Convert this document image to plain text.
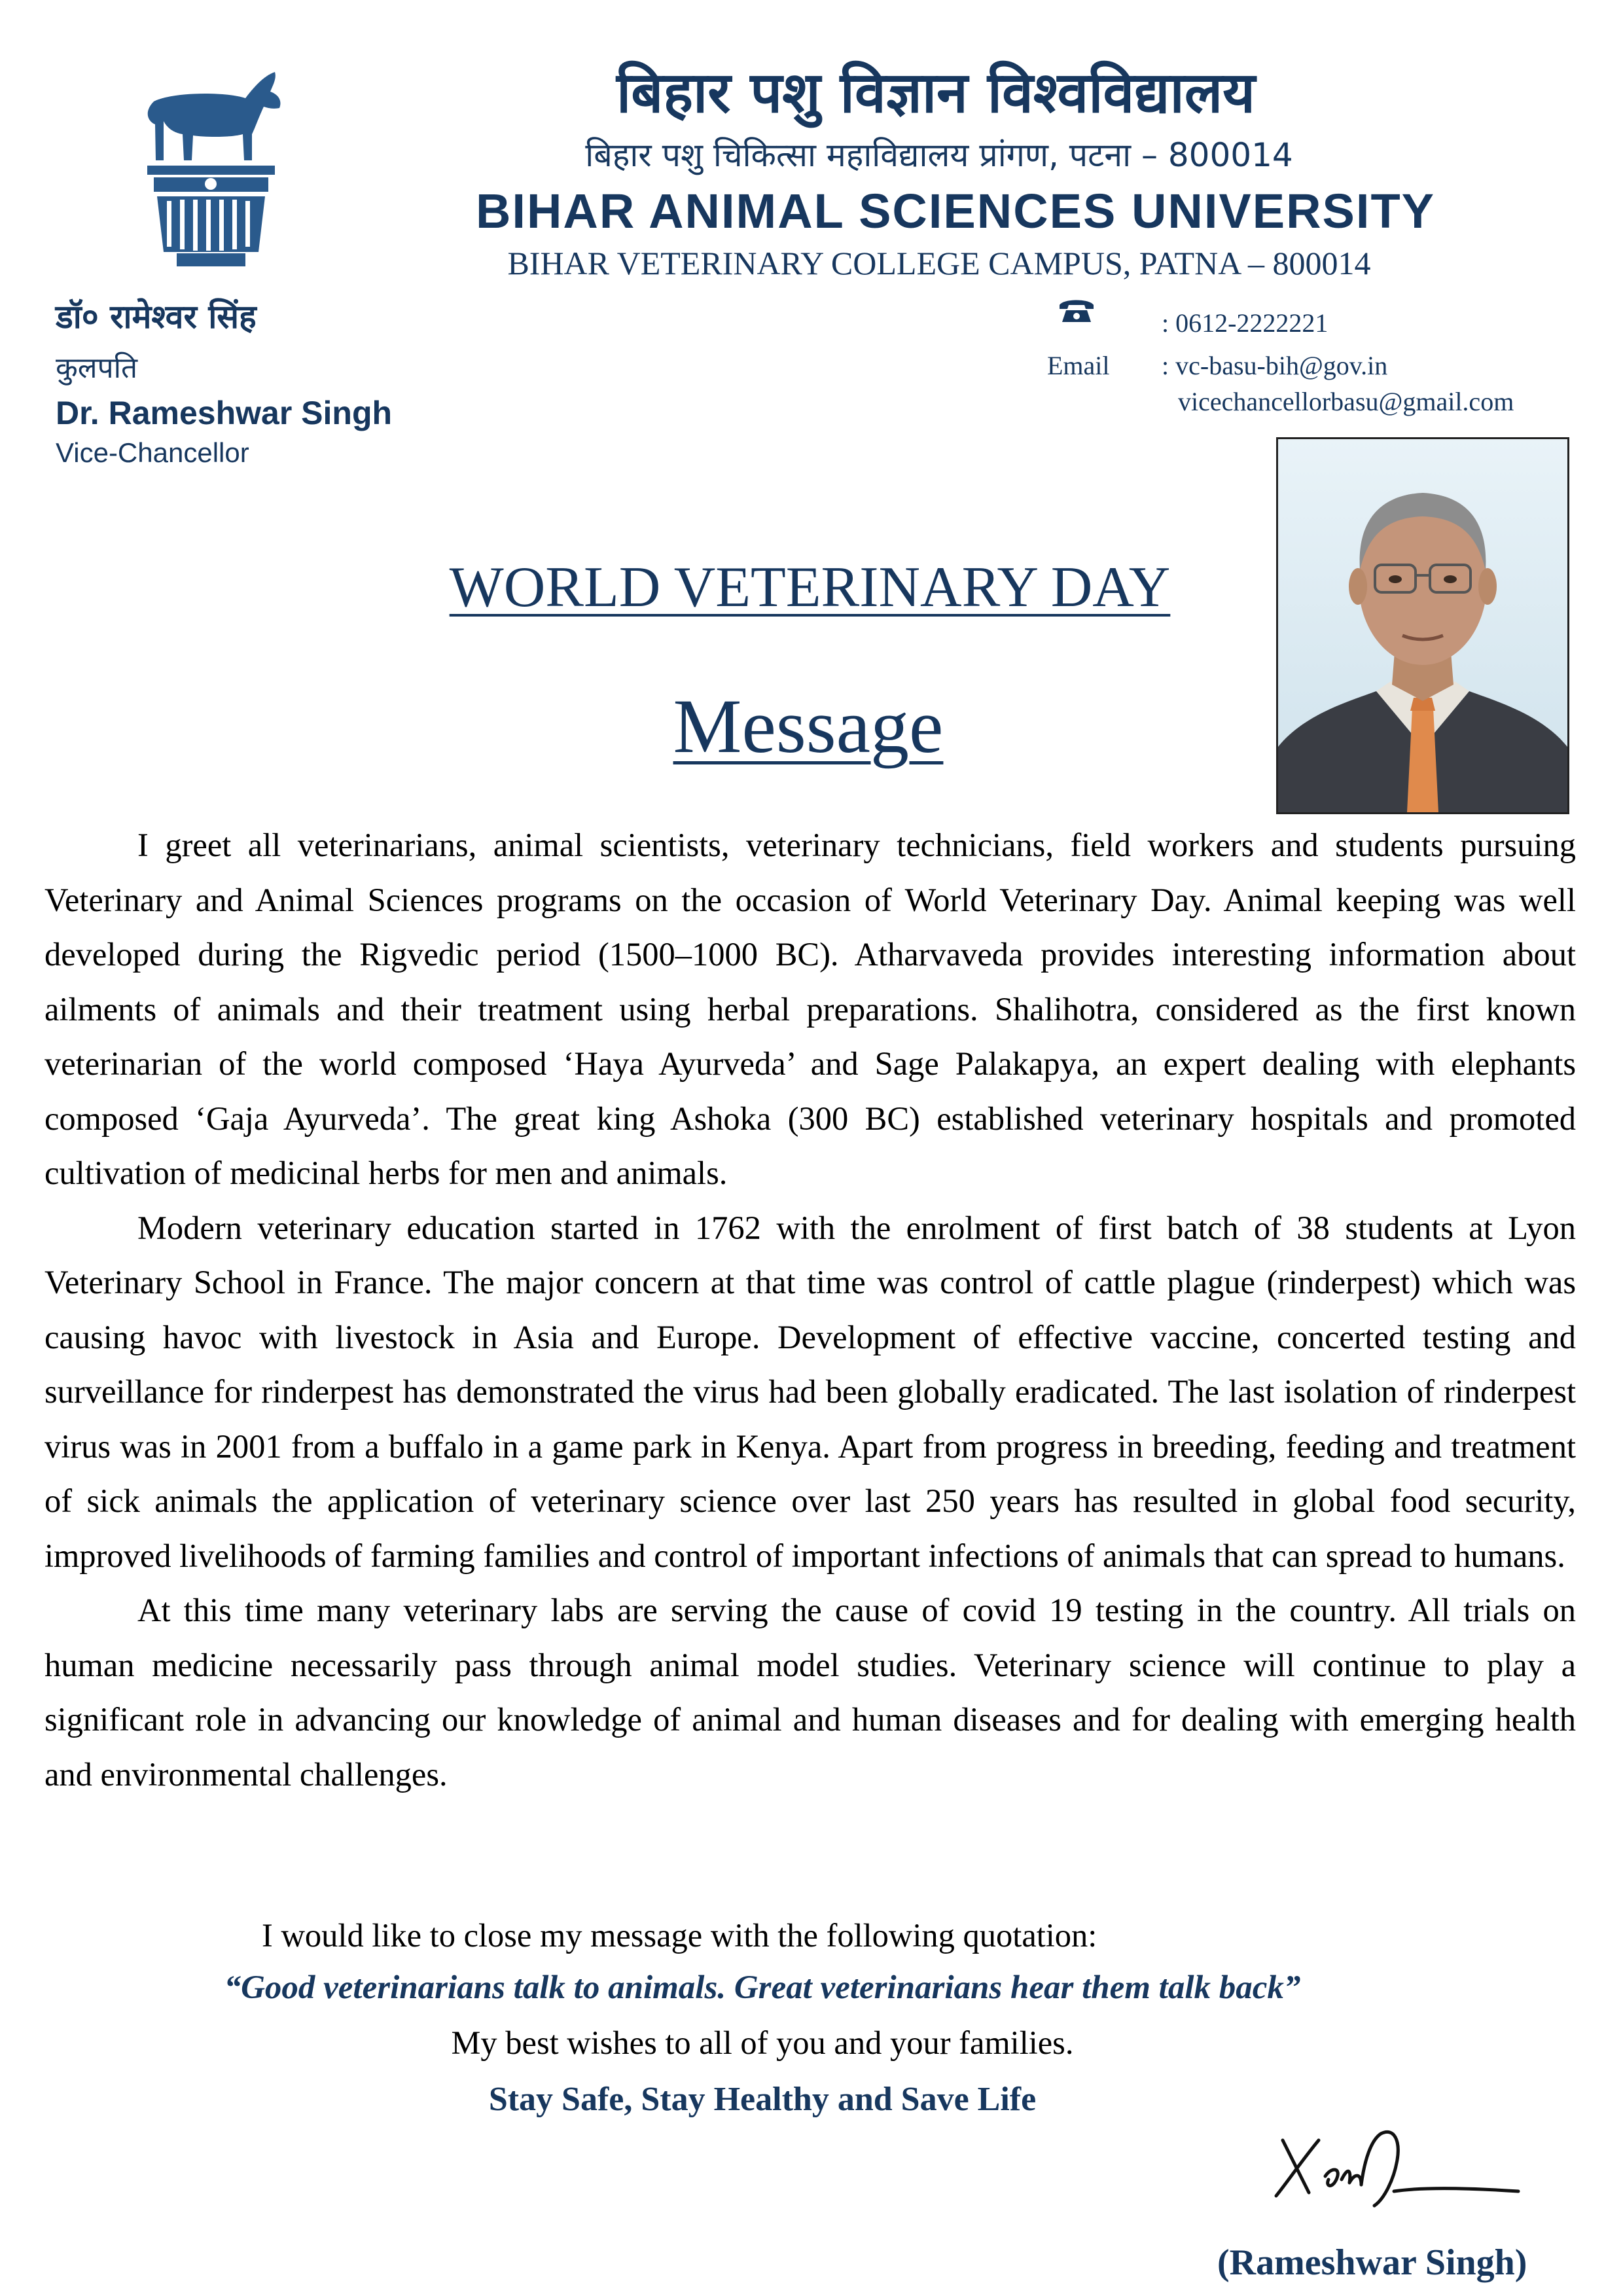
बिहार पशु विज्ञान विश्वविद्यालय
बिहार पशु चिकित्सा महाविद्यालय प्रांगण, पटना – 800014
BIHAR ANIMAL SCIENCES UNIVERSITY
BIHAR VETERINARY COLLEGE CAMPUS, PATNA – 800014
डॉ० रामेश्वर सिंह
कुलपति
Dr. Rameshwar Singh
Vice-Chancellor
: 0612-2222221
Email : vc-basu-bih@gov.in
vicechancellorbasu@gmail.com
WORLD VETERINARY DAY
Message

I greet all veterinarians, animal scientists, veterinary technicians, field workers and students pursuing Veterinary and Animal Sciences programs on the occasion of World Veterinary Day. Animal keeping was well developed during the Rigvedic period (1500–1000 BC). Atharvaveda provides interesting information about ailments of animals and their treatment using herbal preparations. Shalihotra, considered as the first known veterinarian of the world composed ‘Haya Ayurveda’ and Sage Palakapya, an expert dealing with elephants composed ‘Gaja Ayurveda’. The great king Ashoka (300 BC) established veterinary hospitals and promoted cultivation of medicinal herbs for men and animals.

Modern veterinary education started in 1762 with the enrolment of first batch of 38 students at Lyon Veterinary School in France. The major concern at that time was control of cattle plague (rinderpest) which was causing havoc with livestock in Asia and Europe. Development of effective vaccine, concerted testing and surveillance for rinderpest has demonstrated the virus had been globally eradicated. The last isolation of rinderpest virus was in 2001 from a buffalo in a game park in Kenya. Apart from progress in breeding, feeding and treatment of sick animals the application of veterinary science over last 250 years has resulted in global food security, improved livelihoods of farming families and control of important infections of animals that can spread to humans.

At this time many veterinary labs are serving the cause of covid 19 testing in the country. All trials on human medicine necessarily pass through animal model studies. Veterinary science will continue to play a significant role in advancing our knowledge of animal and human diseases and for dealing with emerging health and environmental challenges.

I would like to close my message with the following quotation:
“Good veterinarians talk to animals. Great veterinarians hear them talk back”
My best wishes to all of you and your families.
Stay Safe, Stay Healthy and Save Life
(Rameshwar Singh)
